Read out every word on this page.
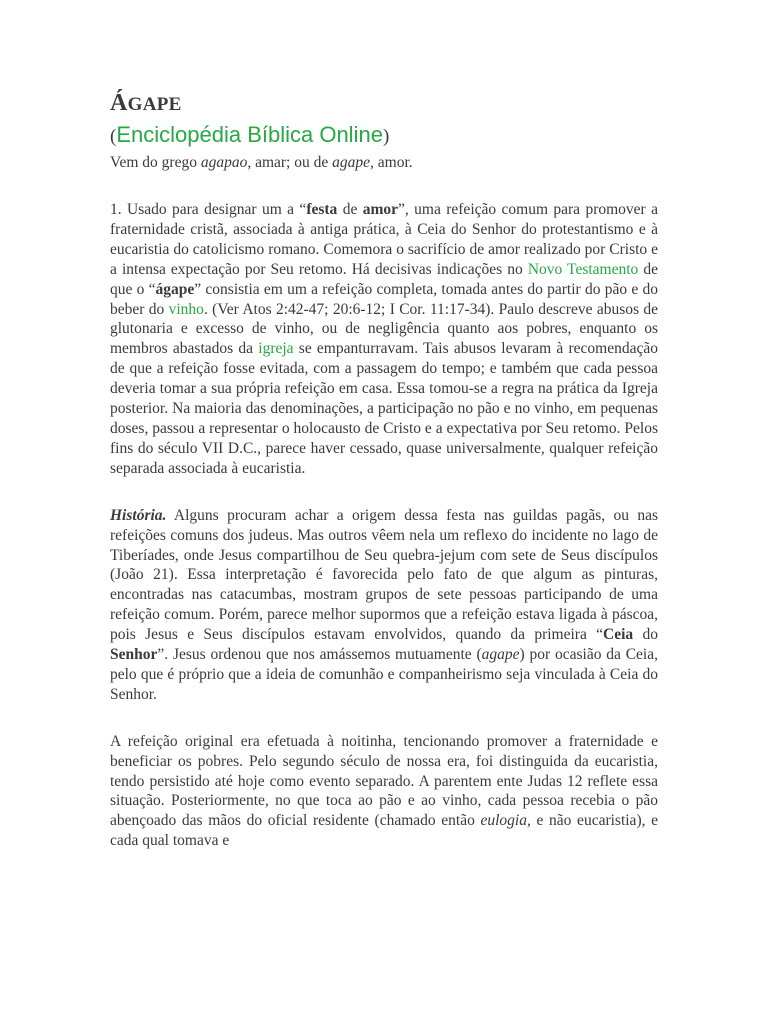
ÁGAPE
(Enciclopédia Bíblica Online)

Vem do grego agapao, amar; ou de agape, amor.

1. Usado para designar um a “festa de amor”, uma refeição comum para promover a fraternidade cristã, associada à antiga prática, à Ceia do Senhor do protestantismo e à eucaristia do catolicismo romano. Comemora o sacrifício de amor realizado por Cristo e a intensa expectação por Seu retomo. Há decisivas indicações no Novo Testamento de que o “ágape” consistia em um a refeição completa, tomada antes do partir do pão e do beber do vinho. (Ver Atos 2:42-47; 20:6-12; I Cor. 11:17-34). Paulo descreve abusos de glutonaria e excesso de vinho, ou de negligência quanto aos pobres, enquanto os membros abastados da igreja se empanturravam. Tais abusos levaram à recomendação de que a refeição fosse evitada, com a passagem do tempo; e também que cada pessoa deveria tomar a sua própria refeição em casa. Essa tomou-se a regra na prática da Igreja posterior. Na maioria das denominações, a participação no pão e no vinho, em pequenas doses, passou a representar o holocausto de Cristo e a expectativa por Seu retomo. Pelos fins do século VII D.C., parece haver cessado, quase universalmente, qualquer refeição separada associada à eucaristia.

História. Alguns procuram achar a origem dessa festa nas guildas pagãs, ou nas refeições comuns dos judeus. Mas outros vêem nela um reflexo do incidente no lago de Tiberíades, onde Jesus compartilhou de Seu quebra-jejum com sete de Seus discípulos (João 21). Essa interpretação é favorecida pelo fato de que algum as pinturas, encontradas nas catacumbas, mostram grupos de sete pessoas participando de uma refeição comum. Porém, parece melhor supormos que a refeição estava ligada à páscoa, pois Jesus e Seus discípulos estavam envolvidos, quando da primeira “Ceia do Senhor”. Jesus ordenou que nos amássemos mutuamente (agape) por ocasião da Ceia, pelo que é próprio que a ideia de comunhão e companheirismo seja vinculada à Ceia do Senhor.

A refeição original era efetuada à noitinha, tencionando promover a fraternidade e beneficiar os pobres. Pelo segundo século de nossa era, foi distinguida da eucaristia, tendo persistido até hoje como evento separado. A parentem ente Judas 12 reflete essa situação. Posteriormente, no que toca ao pão e ao vinho, cada pessoa recebia o pão abençoado das mãos do oficial residente (chamado então eulogia, e não eucaristia), e cada qual tomava e
